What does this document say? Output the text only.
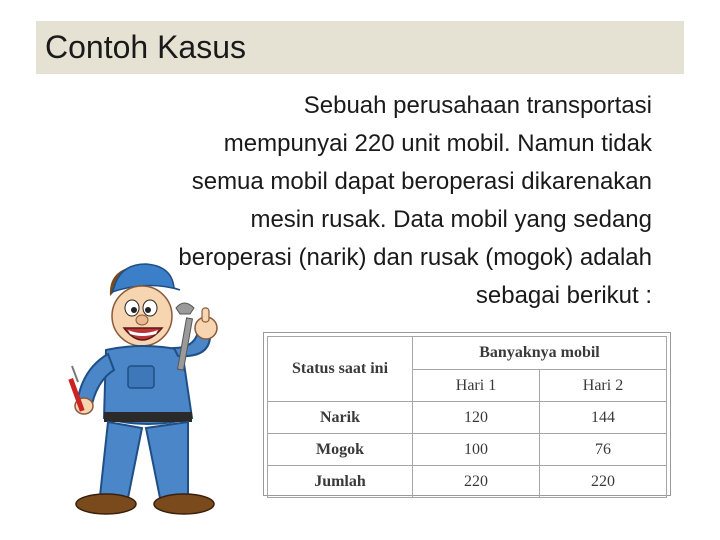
Contoh Kasus
Sebuah perusahaan transportasi
mempunyai 220 unit mobil. Namun tidak
semua mobil dapat beroperasi dikarenakan
mesin rusak. Data mobil yang sedang
beroperasi (narik) dan rusak (mogok) adalah
sebagai berikut :
Status saat ini	Banyaknya mobil	
	Hari 1	Hari 2
Narik	120	144
Mogok	100	76
Jumlah	220	220
